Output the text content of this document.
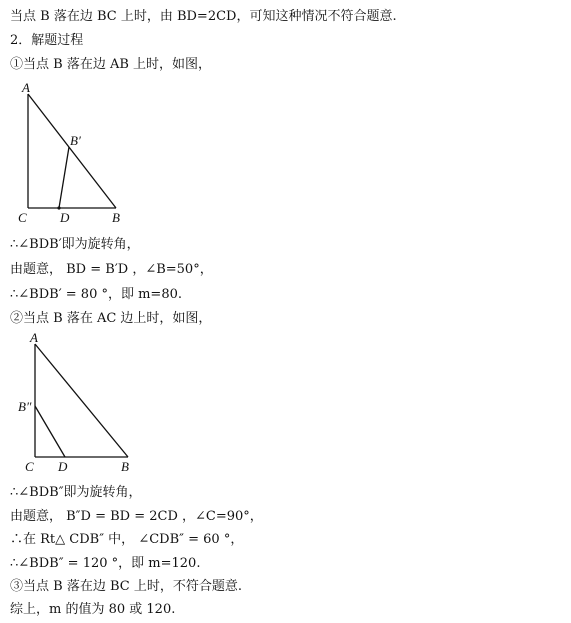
当点 B 落在边 BC 上时，由 BD=2CD，可知这种情况不符合题意.
2．解题过程
①当点 B 落在边 AB 上时，如图，
A
B′
C	D	B
∴∠BDB′即为旋转角，
由题意， BD = B′D ，∠B=50°，
∴∠BDB′ = 80 °，即 m=80.
②当点 B 落在 AC 边上时，如图，
A
B″
C D	B
∴∠BDB″即为旋转角，
由题意， B″D = BD = 2CD ，∠C=90°，
∴在 Rt△ CDB″ 中， ∠CDB″ = 60 °，
∴∠BDB″ = 120 °，即 m=120.
③当点 B 落在边 BC 上时，不符合题意.
综上，m 的值为 80 或 120.
